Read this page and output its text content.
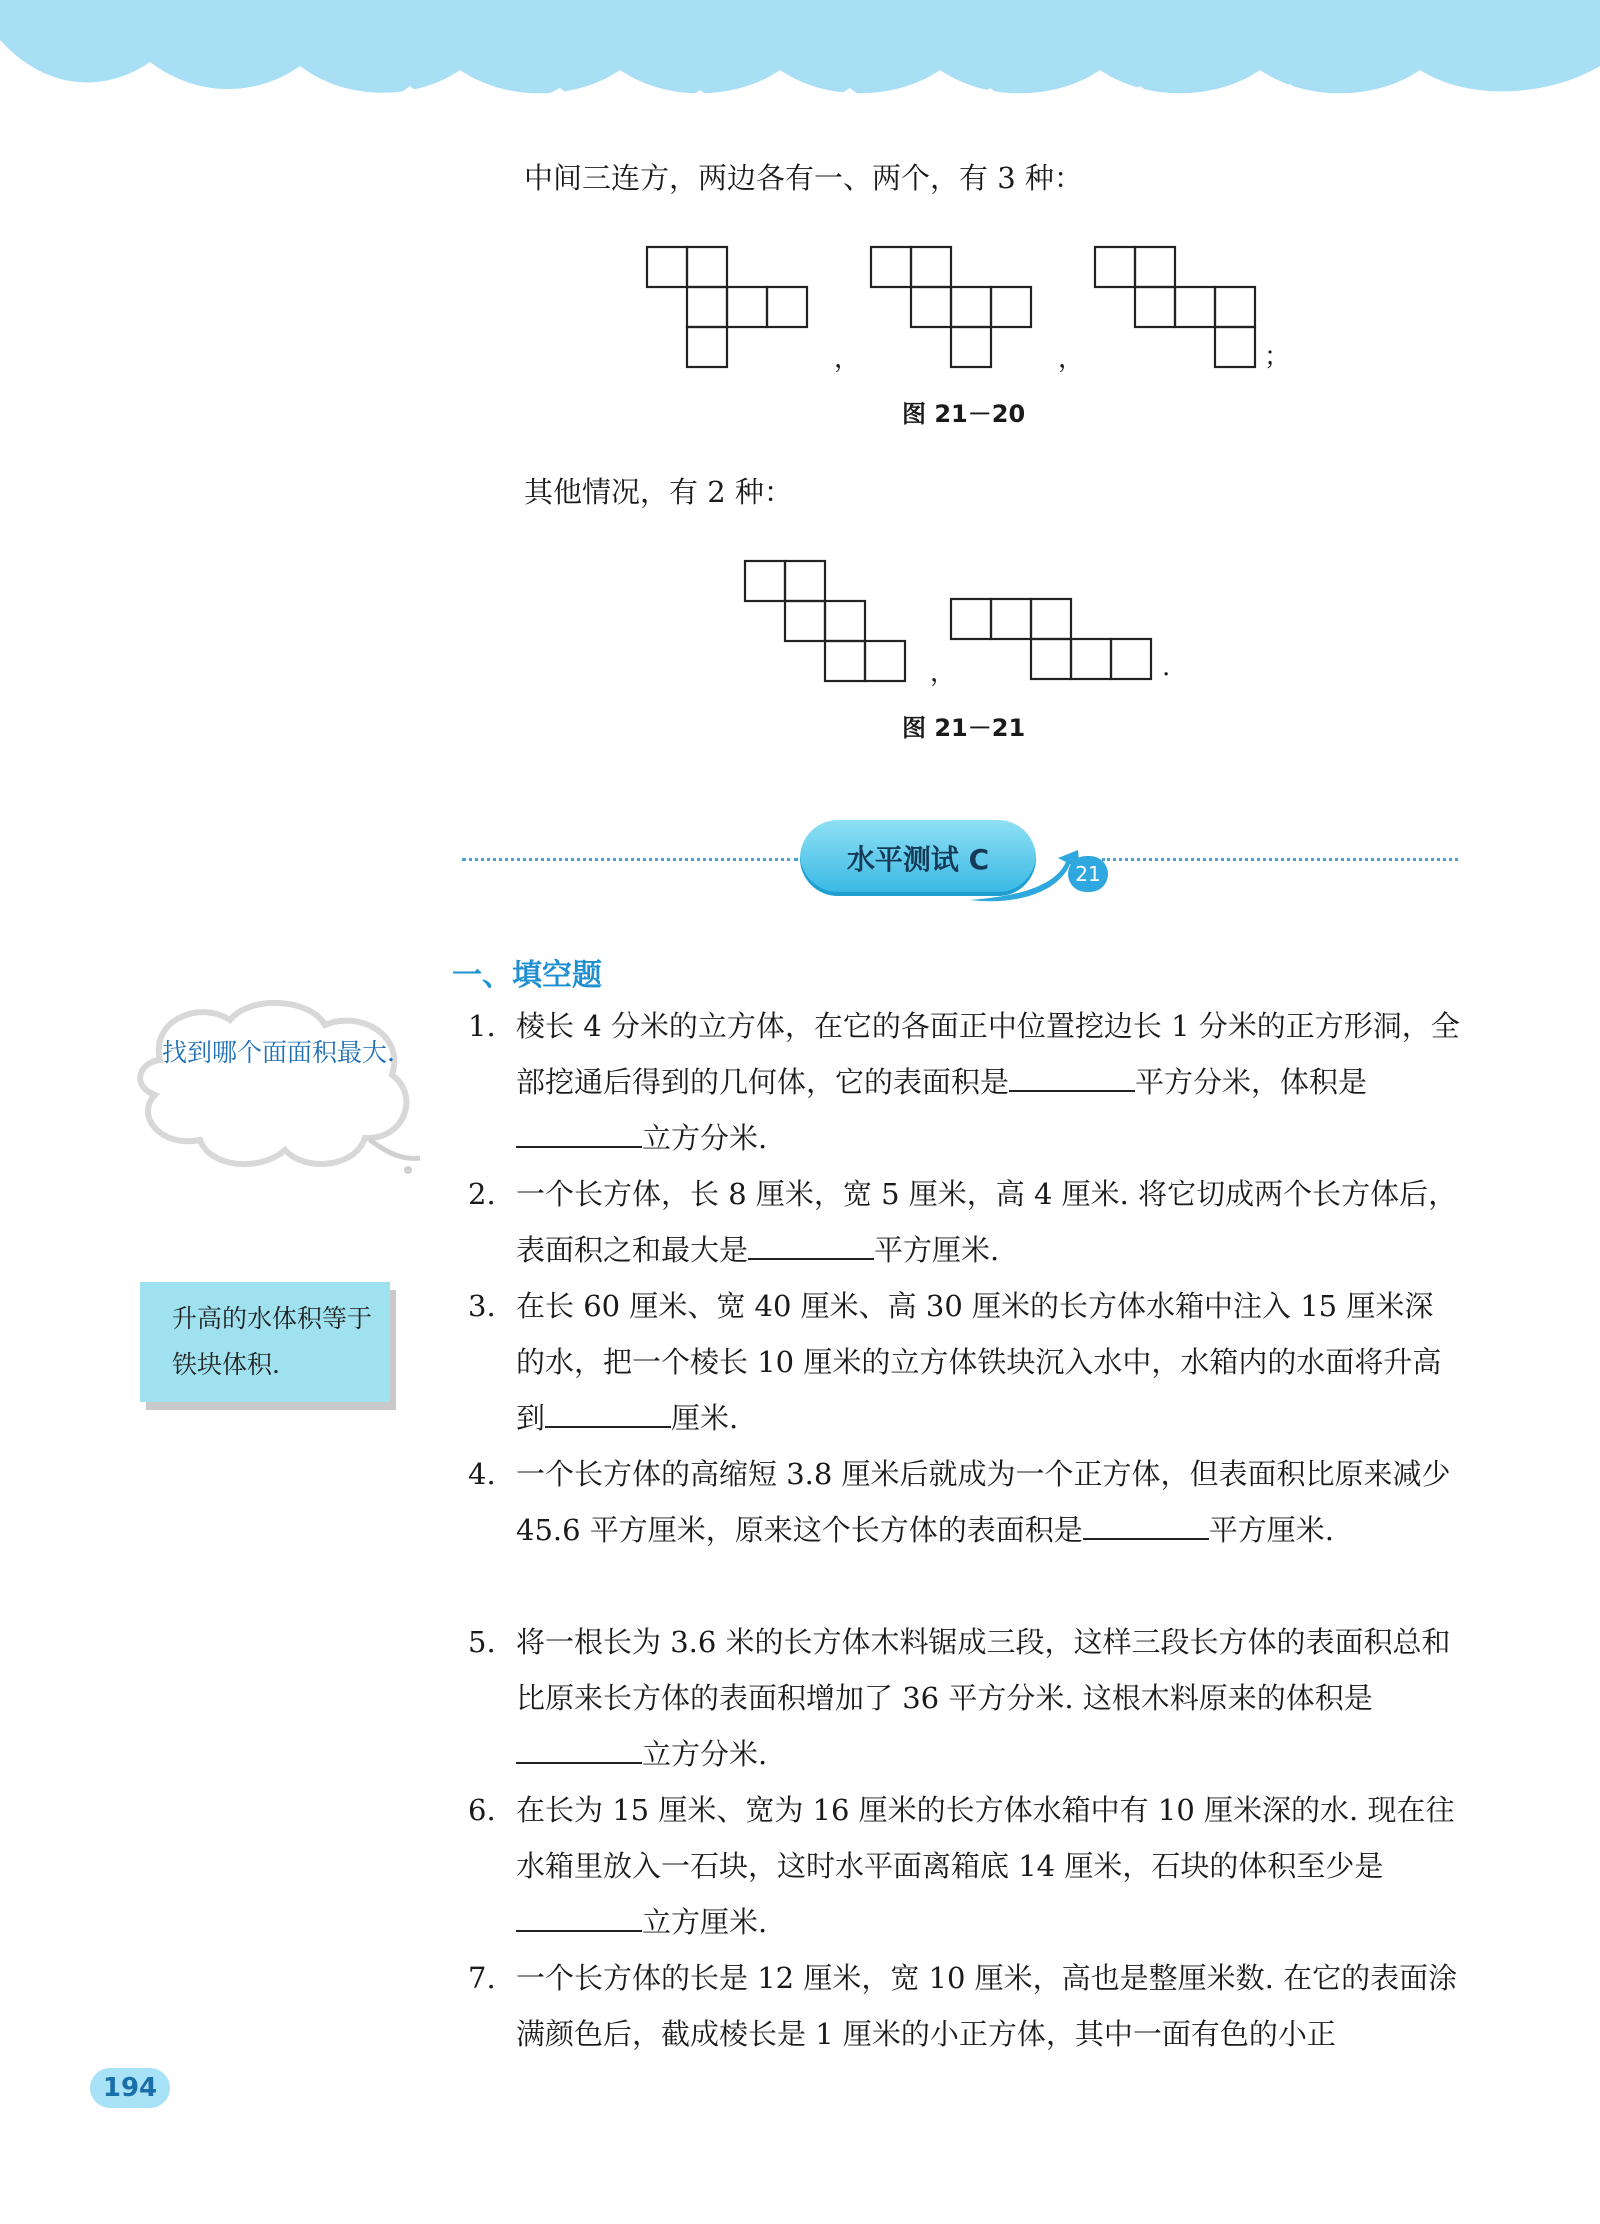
中间三连方，两边各有一、两个，有 3 种：
，	，	；
图 21－20
其他情况，有 2 种：
，	.
图 21－21
水平测试 C	21
一、填空题
找到哪个面面积最大.
升高的水体积等于铁块体积.
1. 棱长 4 分米的立方体，在它的各面正中位置挖边长 1 分米的正方形洞，全部挖通后得到的几何体，它的表面积是	平方分米，体积是立方分米.
2. 一个长方体，长 8 厘米，宽 5 厘米，高 4 厘米. 将它切成两个长方体后，表面积之和最大是	平方厘米.
3. 在长 60 厘米、宽 40 厘米、高 30 厘米的长方体水箱中注入 15 厘米深的水，把一个棱长 10 厘米的立方体铁块沉入水中，水箱内的水面将升高到	厘米.
4. 一个长方体的高缩短 3.8 厘米后就成为一个正方体，但表面积比原来减少 45.6 平方厘米，原来这个长方体的表面积是	平方厘米.
5. 将一根长为 3.6 米的长方体木料锯成三段，这样三段长方体的表面积总和比原来长方体的表面积增加了 36 平方分米. 这根木料原来的体积是立方分米.
6. 在长为 15 厘米、宽为 16 厘米的长方体水箱中有 10 厘米深的水. 现在往水箱里放入一石块，这时水平面离箱底 14 厘米，石块的体积至少是立方厘米.
7. 一个长方体的长是 12 厘米，宽 10 厘米，高也是整厘米数. 在它的表面涂满颜色后，截成棱长是 1 厘米的小正方体，其中一面有色的小正
194
